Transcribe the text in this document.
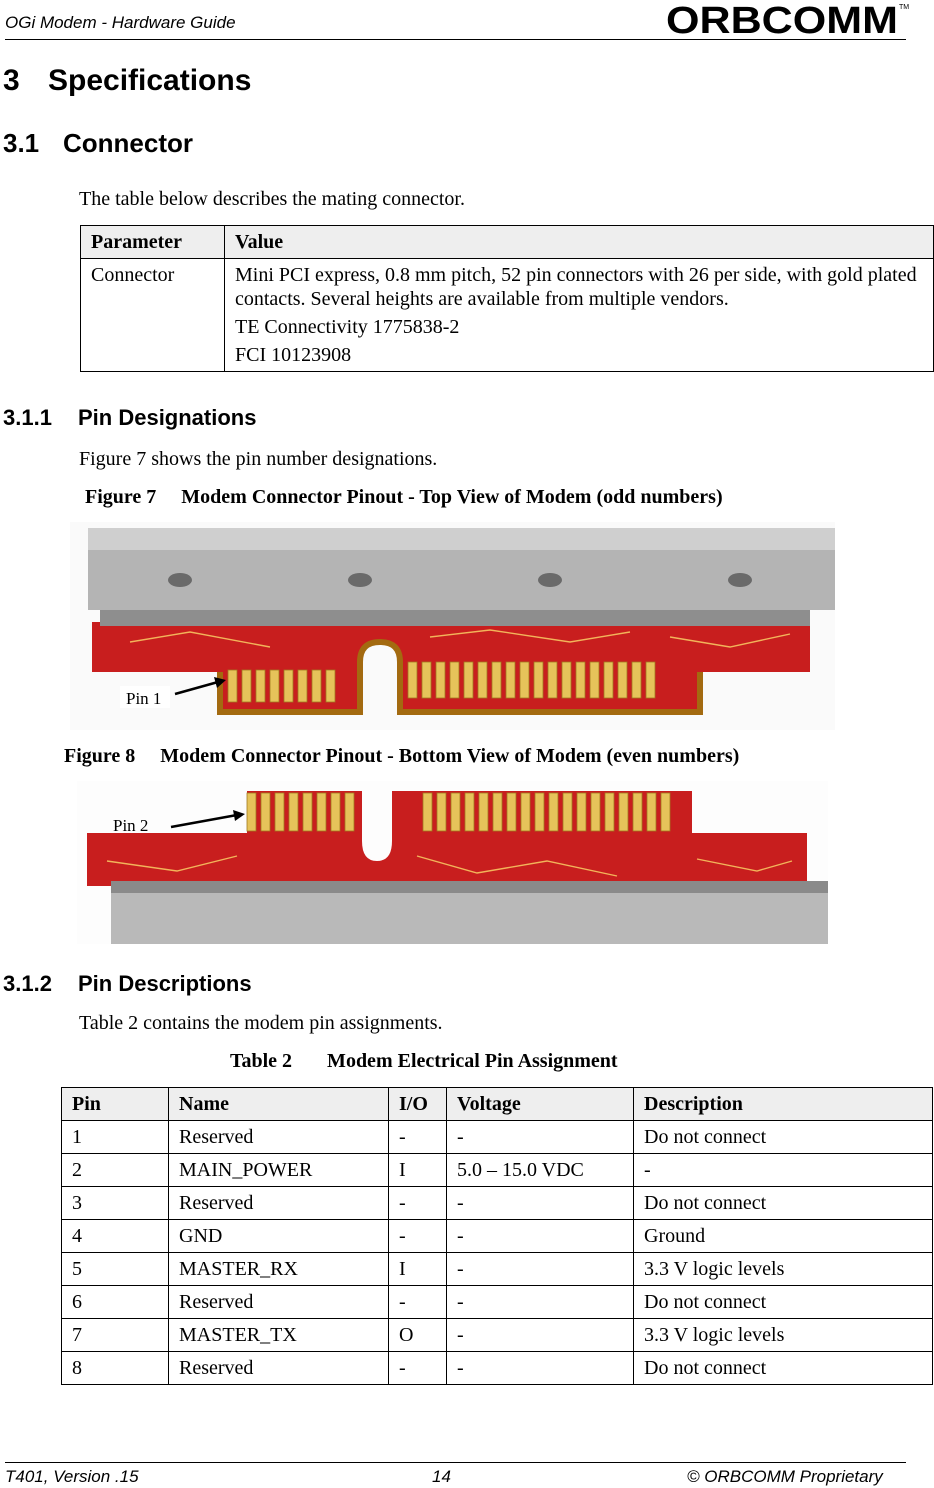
OGi Modem - Hardware Guide	ORBCOMM TM
3 Specifications
3.1 Connector
The table below describes the mating connector.
Parameter	Value
Connector	Mini PCI express, 0.8 mm pitch, 52 pin connectors with 26 per side, with gold plated contacts. Several heights are available from multiple vendors.

TE Connectivity 1775838-2

FCI 10123908

3.1.1 Pin Designations
Figure 7 shows the pin number designations.
Figure 7     Modem Connector Pinout - Top View of Modem (odd numbers)
Pin 1
Figure 8     Modem Connector Pinout - Bottom View of Modem (even numbers)
Pin 2
3.1.2 Pin Descriptions
Table 2 contains the modem pin assignments.
Table 2       Modem Electrical Pin Assignment
Pin	Name	I/O	Voltage	Description
1	Reserved	-	-	Do not connect
2	MAIN_POWER	I	5.0 – 15.0 VDC	-
3	Reserved	-	-	Do not connect
4	GND	-	-	Ground
5	MASTER_RX	I	-	3.3 V logic levels
6	Reserved	-	-	Do not connect
7	MASTER_TX	O	-	3.3 V logic levels
8	Reserved	-	-	Do not connect
T401, Version .15	14	© ORBCOMM Proprietary
